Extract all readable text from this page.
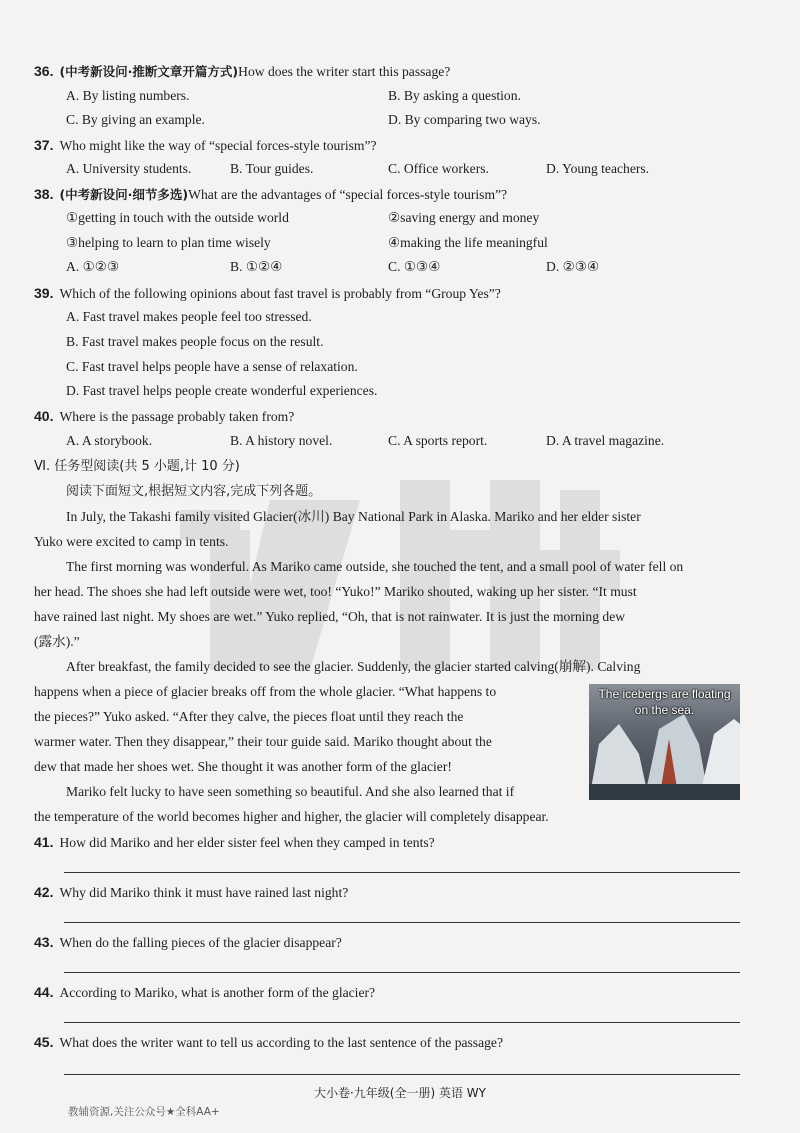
36. (中考新设问·推断文章开篇方式)How does the writer start this passage?
A. By listing numbers.	B. By asking a question.
C. By giving an example.	D. By comparing two ways.
37. Who might like the way of “special forces-style tourism”?
A. University students.	B. Tour guides.	C. Office workers.	D. Young teachers.
38. (中考新设问·细节多选)What are the advantages of “special forces-style tourism”?
①getting in touch with the outside world	②saving energy and money
③helping to learn to plan time wisely	④making the life meaningful
A. ①②③	B. ①②④	C. ①③④	D. ②③④
39. Which of the following opinions about fast travel is probably from “Group Yes”?
A. Fast travel makes people feel too stressed.
B. Fast travel makes people focus on the result.
C. Fast travel helps people have a sense of relaxation.
D. Fast travel helps people create wonderful experiences.
40. Where is the passage probably taken from?
A. A storybook.	B. A history novel.	C. A sports report.	D. A travel magazine.
Ⅵ. 任务型阅读(共 5 小题,计 10 分)
阅读下面短文,根据短文内容,完成下列各题。
In July, the Takashi family visited Glacier(冰川) Bay National Park in Alaska. Mariko and her elder sister
Yuko were excited to camp in tents.
The first morning was wonderful. As Mariko came outside, she touched the tent, and a small pool of water fell on
her head. The shoes she had left outside were wet, too! “Yuko!” Mariko shouted, waking up her sister. “It must
have rained last night. My shoes are wet.” Yuko replied, “Oh, that is not rainwater. It is just the morning dew
(露水).”
After breakfast, the family decided to see the glacier. Suddenly, the glacier started calving(崩解). Calving
happens when a piece of glacier breaks off from the whole glacier. “What happens to
the pieces?” Yuko asked. “After they calve, the pieces float until they reach the
warmer water. Then they disappear,” their tour guide said. Mariko thought about the
dew that made her shoes wet. She thought it was another form of the glacier!
Mariko felt lucky to have seen something so beautiful. And she also learned that if
the temperature of the world becomes higher and higher, the glacier will completely disappear.
The icebergs are floating on the sea.
41. How did Mariko and her elder sister feel when they camped in tents?
42. Why did Mariko think it must have rained last night?
43. When do the falling pieces of the glacier disappear?
44. According to Mariko, what is another form of the glacier?
45. What does the writer want to tell us according to the last sentence of the passage?
大小卷·九年级(全一册) 英语 WY
教辅资源,关注公众号★全科AA+
